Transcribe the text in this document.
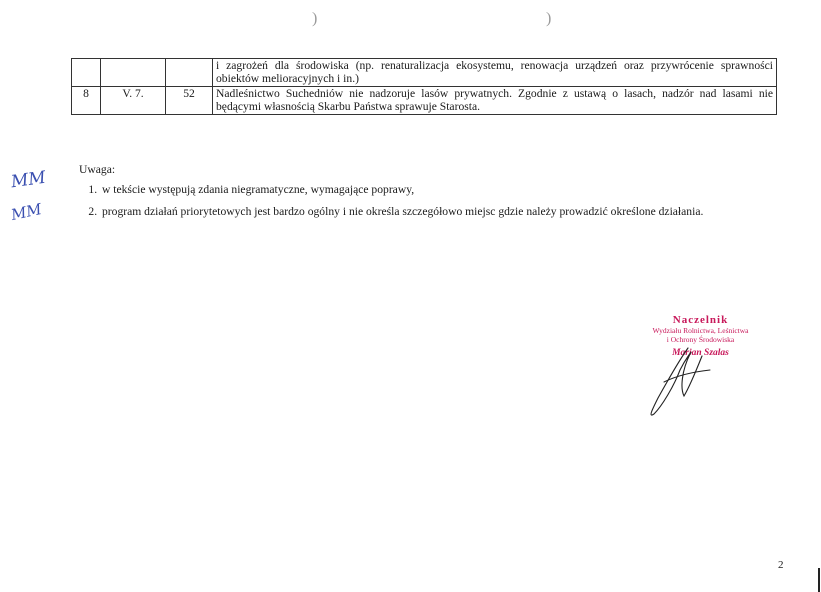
)	)
			i zagrożeń dla środowiska (np. renaturalizacja ekosystemu, renowacja urządzeń oraz przywrócenie sprawności obiektów melioracyjnych i in.)
8	V. 7.	52	Nadleśnictwo Suchedniów nie nadzoruje lasów prywatnych. Zgodnie z ustawą o lasach, nadzór nad lasami nie będącymi własnością Skarbu Państwa sprawuje Starosta.
Uwaga:
1. w tekście występują zdania niegramatyczne, wymagające poprawy,
2. program działań priorytetowych jest bardzo ogólny i nie określa szczegółowo miejsc gdzie należy prowadzić określone działania.
MM
MM
Naczelnik
Wydziału Rolnictwa, Leśnictwa
i Ochrony Środowiska
Marian Szalas
2
